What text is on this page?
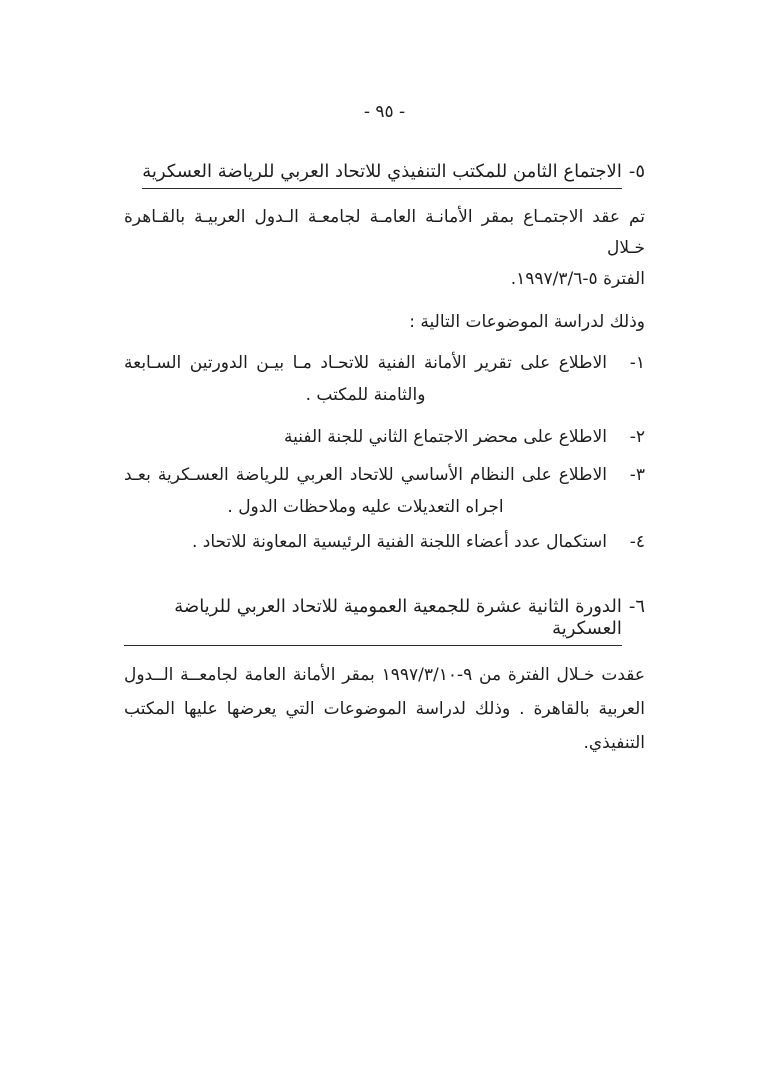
- ٩٥ -
٥-
الاجتماع الثامن للمكتب التنفيذي للاتحاد العربي للرياضة العسكرية
تم عقد الاجتمـاع بمقر الأمانـة العامـة لجامعـة الـدول العربيـة بالقـاهرة خـلال
الفترة ٥-٦/‏٣/‏١٩٩٧.
وذلك لدراسة الموضوعات التالية :
١-
الاطلاع على تقرير الأمانة الفنية للاتحـاد مـا بيـن الدورتين السـابعة
والثامنة للمكتب .
٢-
الاطلاع على محضر الاجتماع الثاني للجنة الفنية
٣-
الاطلاع على النظام الأساسي للاتحاد العربي للرياضة العسـكرية بعـد
اجراه التعديلات عليه وملاحظات الدول .
٤-
استكمال عدد أعضاء اللجنة الفنية الرئيسية المعاونة للاتحاد .
٦-
الدورة الثانية عشرة للجمعية العمومية للاتحاد العربي للرياضة العسكرية
عقدت خـلال الفترة من ٩-١٠/‏٣/‏١٩٩٧ بمقر الأمانة العامة لجامعــة الــدول
العربية بالقاهرة . وذلك لدراسة الموضوعات التي يعرضها عليها المكتب التنفيذي.
